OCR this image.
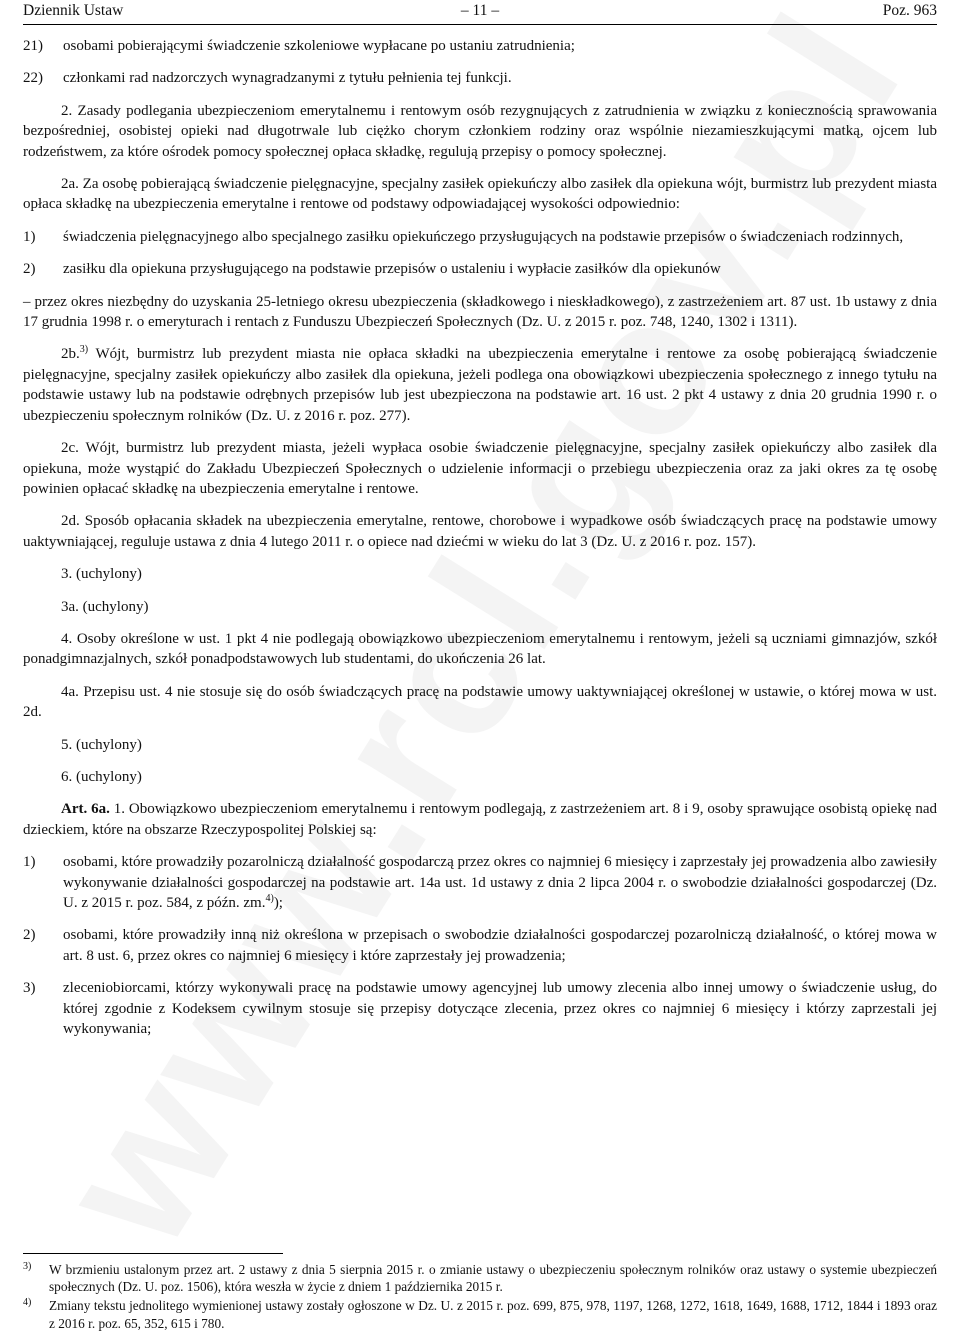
Dziennik Ustaw	– 11 –	Poz. 963
21) osobami pobierającymi świadczenie szkoleniowe wypłacane po ustaniu zatrudnienia;
22) członkami rad nadzorczych wynagradzanymi z tytułu pełnienia tej funkcji.
2. Zasady podlegania ubezpieczeniom emerytalnemu i rentowym osób rezygnujących z zatrudnienia w związku z koniecznością sprawowania bezpośredniej, osobistej opieki nad długotrwale lub ciężko chorym członkiem rodziny oraz wspólnie niezamieszkującymi matką, ojcem lub rodzeństwem, za które ośrodek pomocy społecznej opłaca składkę, regulują przepisy o pomocy społecznej.
2a. Za osobę pobierającą świadczenie pielęgnacyjne, specjalny zasiłek opiekuńczy albo zasiłek dla opiekuna wójt, burmistrz lub prezydent miasta opłaca składkę na ubezpieczenia emerytalne i rentowe od podstawy odpowiadającej wysokości odpowiednio:
1) świadczenia pielęgnacyjnego albo specjalnego zasiłku opiekuńczego przysługujących na podstawie przepisów o świadczeniach rodzinnych,
2) zasiłku dla opiekuna przysługującego na podstawie przepisów o ustaleniu i wypłacie zasiłków dla opiekunów
– przez okres niezbędny do uzyskania 25-letniego okresu ubezpieczenia (składkowego i nieskładkowego), z zastrzeżeniem art. 87 ust. 1b ustawy z dnia 17 grudnia 1998 r. o emeryturach i rentach z Funduszu Ubezpieczeń Społecznych (Dz. U. z 2015 r. poz. 748, 1240, 1302 i 1311).
2b.$^{3)}$ Wójt, burmistrz lub prezydent miasta nie opłaca składki na ubezpieczenia emerytalne i rentowe za osobę pobierającą świadczenie pielęgnacyjne, specjalny zasiłek opiekuńczy albo zasiłek dla opiekuna, jeżeli podlega ona obowiązkowi ubezpieczenia społecznego z innego tytułu na podstawie ustawy lub na podstawie odrębnych przepisów lub jest ubezpieczona na podstawie art. 16 ust. 2 pkt 4 ustawy z dnia 20 grudnia 1990 r. o ubezpieczeniu społecznym rolników (Dz. U. z 2016 r. poz. 277).
2c. Wójt, burmistrz lub prezydent miasta, jeżeli wypłaca osobie świadczenie pielęgnacyjne, specjalny zasiłek opiekuńczy albo zasiłek dla opiekuna, może wystąpić do Zakładu Ubezpieczeń Społecznych o udzielenie informacji o przebiegu ubezpieczenia oraz za jaki okres za tę osobę powinien opłacać składkę na ubezpieczenia emerytalne i rentowe.
2d. Sposób opłacania składek na ubezpieczenia emerytalne, rentowe, chorobowe i wypadkowe osób świadczących pracę na podstawie umowy uaktywniającej, reguluje ustawa z dnia 4 lutego 2011 r. o opiece nad dziećmi w wieku do lat 3 (Dz. U. z 2016 r. poz. 157).
3. (uchylony)
3a. (uchylony)
4. Osoby określone w ust. 1 pkt 4 nie podlegają obowiązkowo ubezpieczeniom emerytalnemu i rentowym, jeżeli są uczniami gimnazjów, szkół ponadgimnazjalnych, szkół ponadpodstawowych lub studentami, do ukończenia 26 lat.
4a. Przepisu ust. 4 nie stosuje się do osób świadczących pracę na podstawie umowy uaktywniającej określonej w ustawie, o której mowa w ust. 2d.
5. (uchylony)
6. (uchylony)
Art. 6a. 1. Obowiązkowo ubezpieczeniom emerytalnemu i rentowym podlegają, z zastrzeżeniem art. 8 i 9, osoby sprawujące osobistą opiekę nad dzieckiem, które na obszarze Rzeczypospolitej Polskiej są:
1) osobami, które prowadziły pozarolniczą działalność gospodarczą przez okres co najmniej 6 miesięcy i zaprzestały jej prowadzenia albo zawiesiły wykonywanie działalności gospodarczej na podstawie art. 14a ust. 1d ustawy z dnia 2 lipca 2004 r. o swobodzie działalności gospodarczej (Dz. U. z 2015 r. poz. 584, z późn. zm.$^{4)}$);
2) osobami, które prowadziły inną niż określona w przepisach o swobodzie działalności gospodarczej pozarolniczą działalność, o której mowa w art. 8 ust. 6, przez okres co najmniej 6 miesięcy i które zaprzestały jej prowadzenia;
3) zleceniobiorcami, którzy wykonywali pracę na podstawie umowy agencyjnej lub umowy zlecenia albo innej umowy o świadczenie usług, do której zgodnie z Kodeksem cywilnym stosuje się przepisy dotyczące zlecenia, przez okres co najmniej 6 miesięcy i którzy zaprzestali jej wykonywania;
3) W brzmieniu ustalonym przez art. 2 ustawy z dnia 5 sierpnia 2015 r. o zmianie ustawy o ubezpieczeniu społecznym rolników oraz ustawy o systemie ubezpieczeń społecznych (Dz. U. poz. 1506), która weszła w życie z dniem 1 października 2015 r.
4) Zmiany tekstu jednolitego wymienionej ustawy zostały ogłoszone w Dz. U. z 2015 r. poz. 699, 875, 978, 1197, 1268, 1272, 1618, 1649, 1688, 1712, 1844 i 1893 oraz z 2016 r. poz. 65, 352, 615 i 780.
